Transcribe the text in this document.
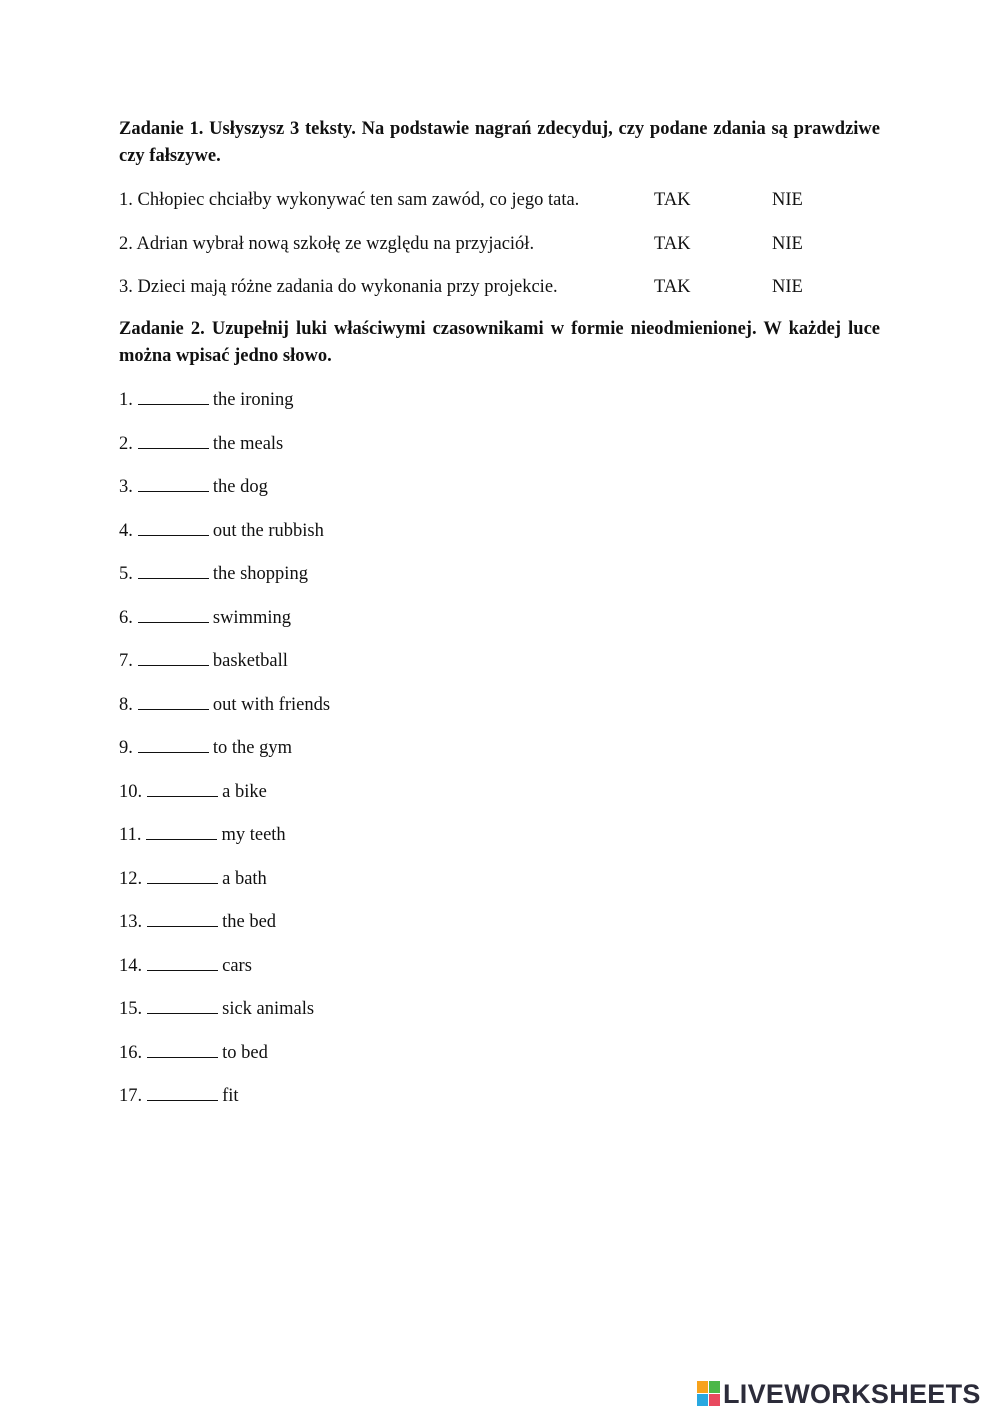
Zadanie 1. Usłyszysz 3 teksty. Na podstawie nagrań zdecyduj, czy podane zdania są prawdziwe czy fałszywe.

1. Chłopiec chciałby wykonywać ten sam zawód, co jego tata.	TAK	NIE
2. Adrian wybrał nową szkołę ze względu na przyjaciół.	TAK	NIE
3. Dzieci mają różne zadania do wykonania przy projekcie.	TAK	NIE

Zadanie 2. Uzupełnij luki właściwymi czasownikami w formie nieodmienionej. W każdej luce można wpisać jedno słowo.

1.	the ironing
2.	the meals
3.	the dog
4.	out the rubbish
5.	the shopping
6.	swimming
7.	basketball
8.	out with friends
9.	to the gym
10.	a bike
11.	my teeth
12.	a bath
13.	the bed
14.	cars
15.	sick animals
16.	to bed
17.	fit
LIVEWORKSHEETS
